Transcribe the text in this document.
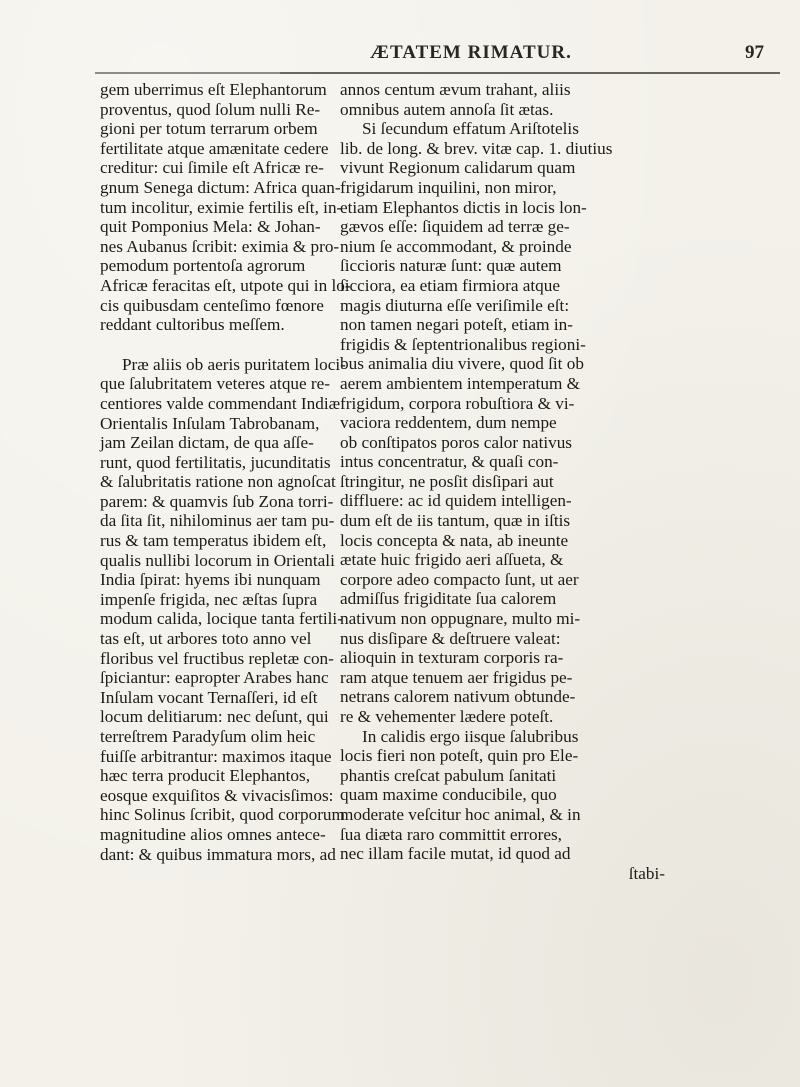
ÆTATEM RIMATUR.	97
gem uberrimus eſt Elephantorum
proventus, quod ſolum nulli Re-
gioni per totum terrarum orbem
fertilitate atque amænitate cedere
creditur: cui ſimile eſt Africæ re-
gnum Senega dictum: Africa quan-
tum incolitur, eximie fertilis eſt, in-
quit Pomponius Mela: & Johan-
nes Aubanus ſcribit: eximia & pro-
pemodum portentoſa agrorum
Africæ feracitas eſt, utpote qui in lo-
cis quibusdam centeſimo fœnore
reddant cultoribus meſſem.
Præ aliis ob aeris puritatem loci-
que ſalubritatem veteres atque re-
centiores valde commendant Indiæ
Orientalis Inſulam Tabrobanam,
jam Zeilan dictam, de qua aſſe-
runt, quod fertilitatis, jucunditatis
& ſalubritatis ratione non agnoſcat
parem: & quamvis ſub Zona torri-
da ſita ſit, nihilominus aer tam pu-
rus & tam temperatus ibidem eſt,
qualis nullibi locorum in Orientali
India ſpirat: hyems ibi nunquam
impenſe frigida, nec æſtas ſupra
modum calida, locique tanta fertili-
tas eſt, ut arbores toto anno vel
floribus vel fructibus repletæ con-
ſpiciantur: eapropter Arabes hanc
Inſulam vocant Ternaſſeri, id eſt
locum delitiarum: nec deſunt, qui
terreſtrem Paradyſum olim heic
fuiſſe arbitrantur: maximos itaque
hæc terra producit Elephantos,
eosque exquiſitos & vivacisſimos:
hinc Solinus ſcribit, quod corporum
magnitudine alios omnes antece-
dant: & quibus immatura mors, ad
annos centum ævum trahant, aliis
omnibus autem annoſa ſit ætas.
Si ſecundum effatum Ariſtotelis
lib. de long. & brev. vitæ cap. 1. diutius
vivunt Regionum calidarum quam
frigidarum inquilini, non miror,
etiam Elephantos dictis in locis lon-
gævos eſſe: ſiquidem ad terræ ge-
nium ſe accommodant, & proinde
ſiccioris naturæ ſunt: quæ autem
ſicciora, ea etiam firmiora atque
magis diuturna eſſe veriſimile eſt:
non tamen negari poteſt, etiam in-
frigidis & ſeptentrionalibus regioni-
bus animalia diu vivere, quod ſit ob
aerem ambientem intemperatum &
frigidum, corpora robuſtiora & vi-
vaciora reddentem, dum nempe
ob conſtipatos poros calor nativus
intus concentratur, & quaſi con-
ſtringitur, ne posſit disſipari aut
diffluere: ac id quidem intelligen-
dum eſt de iis tantum, quæ in iſtis
locis concepta & nata, ab ineunte
ætate huic frigido aeri aſſueta, &
corpore adeo compacto ſunt, ut aer
admiſſus frigiditate ſua calorem
nativum non oppugnare, multo mi-
nus disſipare & deſtruere valeat:
alioquin in texturam corporis ra-
ram atque tenuem aer frigidus pe-
netrans calorem nativum obtunde-
re & vehementer lædere poteſt.
In calidis ergo iisque ſalubribus
locis fieri non poteſt, quin pro Ele-
phantis creſcat pabulum ſanitati
quam maxime conducibile, quo
moderate veſcitur hoc animal, & in
ſua diæta raro committit errores,
nec illam facile mutat, id quod ad
ſtabi-
